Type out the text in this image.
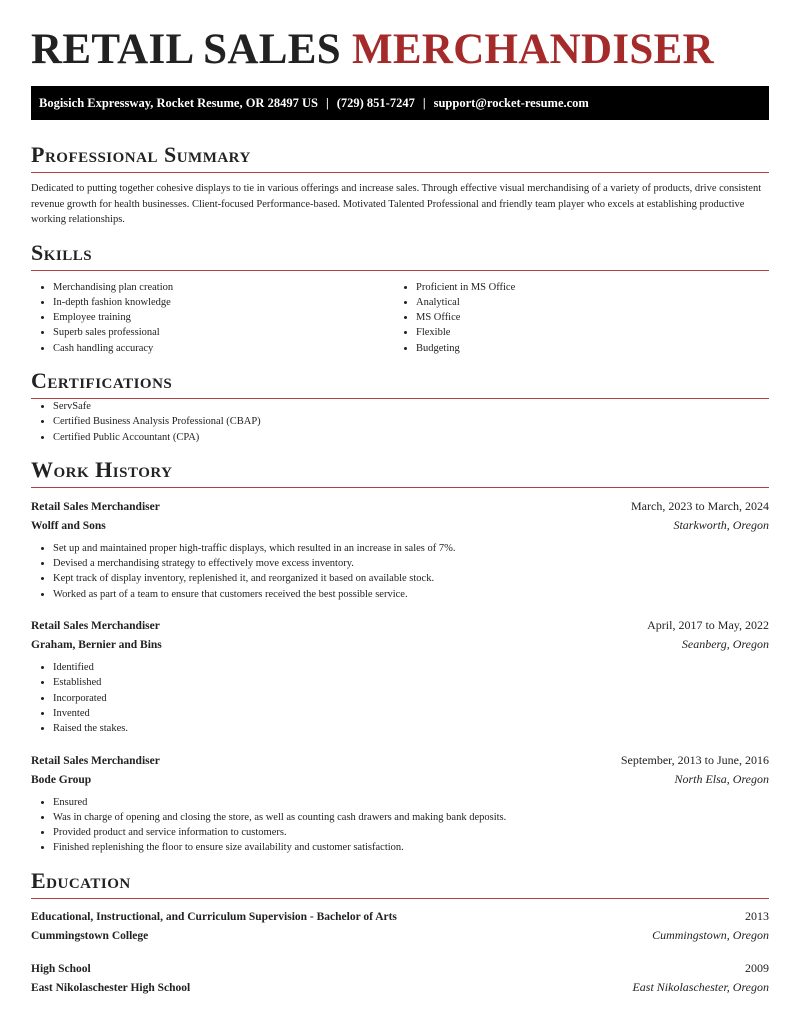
RETAIL SALES MERCHANDISER
Bogisich Expressway, Rocket Resume, OR 28497 US | (729) 851-7247 | support@rocket-resume.com
Professional Summary

Dedicated to putting together cohesive displays to tie in various offerings and increase sales. Through effective visual merchandising of a variety of products, drive consistent revenue growth for health businesses. Client-focused Performance-based. Motivated Talented Professional and friendly team player who excels at establishing productive working relationships.

Skills
• Merchandising plan creation
• In-depth fashion knowledge
• Employee training
• Superb sales professional
• Cash handling accuracy
• Proficient in MS Office
• Analytical
• MS Office
• Flexible
• Budgeting
Certifications
• ServSafe
• Certified Business Analysis Professional (CBAP)
• Certified Public Accountant (CPA)
Work History
Retail Sales Merchandiser	March, 2023 to March, 2024
Wolff and Sons	Starkworth, Oregon
• Set up and maintained proper high-traffic displays, which resulted in an increase in sales of 7%.
• Devised a merchandising strategy to effectively move excess inventory.
• Kept track of display inventory, replenished it, and reorganized it based on available stock.
• Worked as part of a team to ensure that customers received the best possible service.
Retail Sales Merchandiser	April, 2017 to May, 2022
Graham, Bernier and Bins	Seanberg, Oregon
• Identified
• Established
• Incorporated
• Invented
• Raised the stakes.
Retail Sales Merchandiser	September, 2013 to June, 2016
Bode Group	North Elsa, Oregon
• Ensured
• Was in charge of opening and closing the store, as well as counting cash drawers and making bank deposits.
• Provided product and service information to customers.
• Finished replenishing the floor to ensure size availability and customer satisfaction.
Education
Educational, Instructional, and Curriculum Supervision - Bachelor of Arts	2013
Cummingstown College	Cummingstown, Oregon
High School	2009
East Nikolaschester High School	East Nikolaschester, Oregon
